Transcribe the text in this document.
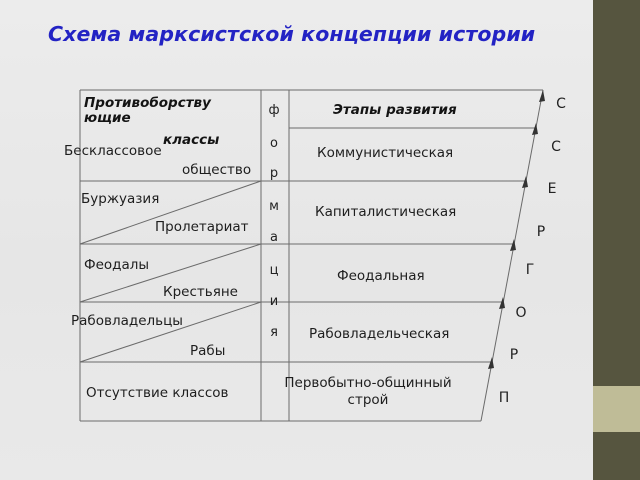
Схема марксистской концепции истории
Противоборству
ющие
классы
Этапы развития
ф
о
р
м
а
ц
и
я
Бесклассовое
общество
Коммунистическая
Буржуазия
Пролетариат
Капиталистическая
Феодалы
Крестьяне
Феодальная
Рабовладельцы
Рабы
Рабовладельческая
Отсутствие классов
Первобытно-общинный
строй
С
С
Е
Р
Г
О
Р
П
